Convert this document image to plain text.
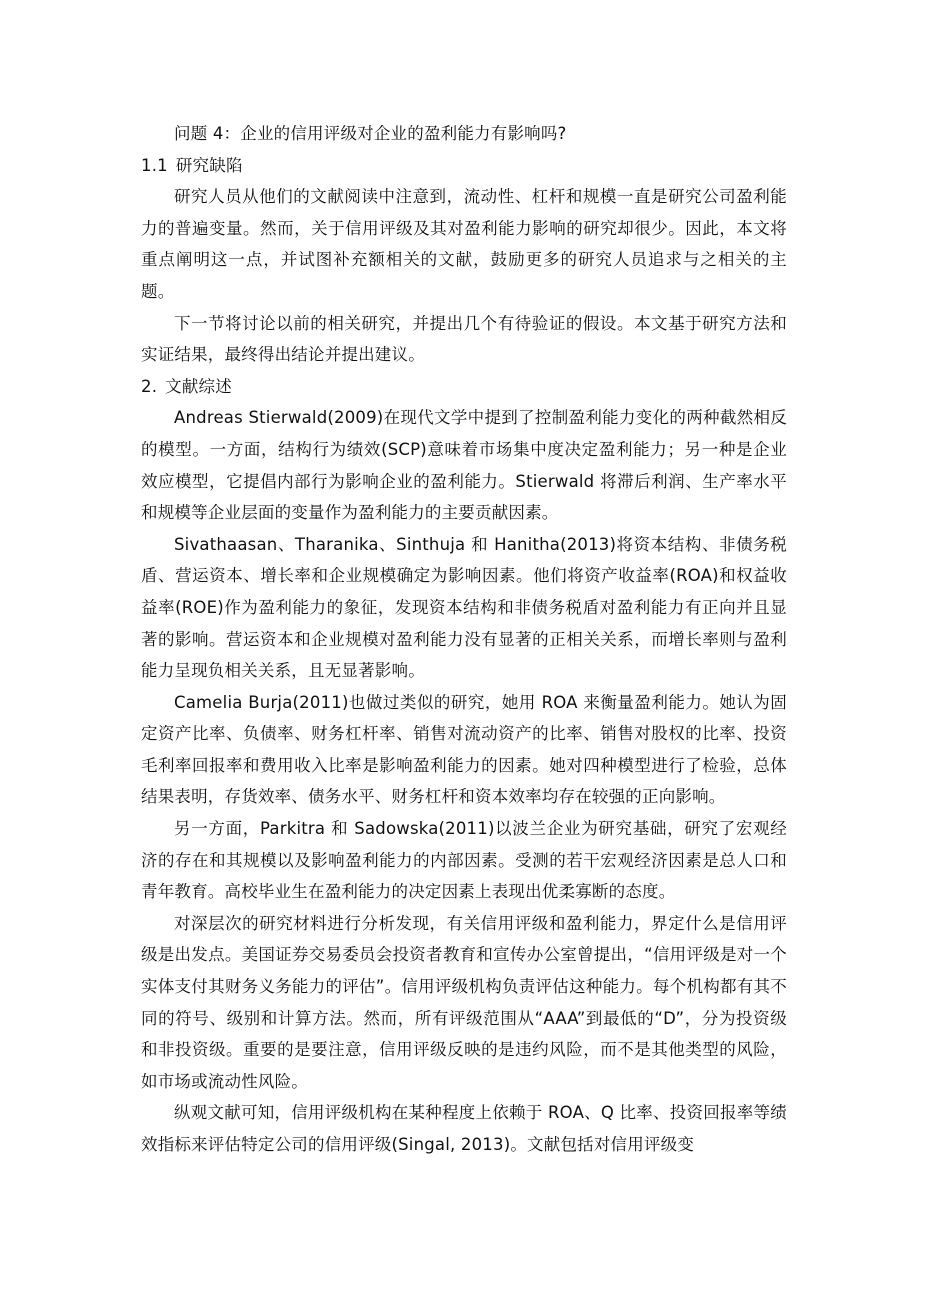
问题 4：企业的信用评级对企业的盈利能力有影响吗?

1.1 研究缺陷

研究人员从他们的文献阅读中注意到，流动性、杠杆和规模一直是研究公司盈利能力的普遍变量。然而，关于信用评级及其对盈利能力影响的研究却很少。因此，本文将重点阐明这一点，并试图补充额相关的文献，鼓励更多的研究人员追求与之相关的主题。

下一节将讨论以前的相关研究，并提出几个有待验证的假设。本文基于研究方法和实证结果，最终得出结论并提出建议。

2. 文献综述

Andreas Stierwald(2009)在现代文学中提到了控制盈利能力变化的两种截然相反的模型。一方面，结构行为绩效(SCP)意味着市场集中度决定盈利能力；另一种是企业效应模型，它提倡内部行为影响企业的盈利能力。Stierwald 将滞后利润、生产率水平和规模等企业层面的变量作为盈利能力的主要贡献因素。

Sivathaasan、Tharanika、Sinthuja 和 Hanitha(2013)将资本结构、非债务税盾、营运资本、增长率和企业规模确定为影响因素。他们将资产收益率(ROA)和权益收益率(ROE)作为盈利能力的象征，发现资本结构和非债务税盾对盈利能力有正向并且显著的影响。营运资本和企业规模对盈利能力没有显著的正相关关系，而增长率则与盈利能力呈现负相关关系，且无显著影响。

Camelia Burja(2011)也做过类似的研究，她用 ROA 来衡量盈利能力。她认为固定资产比率、负债率、财务杠杆率、销售对流动资产的比率、销售对股权的比率、投资毛利率回报率和费用收入比率是影响盈利能力的因素。她对四种模型进行了检验，总体结果表明，存货效率、债务水平、财务杠杆和资本效率均存在较强的正向影响。

另一方面，Parkitra 和 Sadowska(2011)以波兰企业为研究基础，研究了宏观经济的存在和其规模以及影响盈利能力的内部因素。受测的若干宏观经济因素是总人口和青年教育。高校毕业生在盈利能力的决定因素上表现出优柔寡断的态度。

对深层次的研究材料进行分析发现，有关信用评级和盈利能力，界定什么是信用评级是出发点。美国证券交易委员会投资者教育和宣传办公室曾提出，“信用评级是对一个实体支付其财务义务能力的评估”。信用评级机构负责评估这种能力。每个机构都有其不同的符号、级别和计算方法。然而，所有评级范围从“AAA”到最低的“D”，分为投资级和非投资级。重要的是要注意，信用评级反映的是违约风险，而不是其他类型的风险，如市场或流动性风险。

纵观文献可知，信用评级机构在某种程度上依赖于 ROA、Q 比率、投资回报率等绩效指标来评估特定公司的信用评级(Singal, 2013)。文献包括对信用评级变
